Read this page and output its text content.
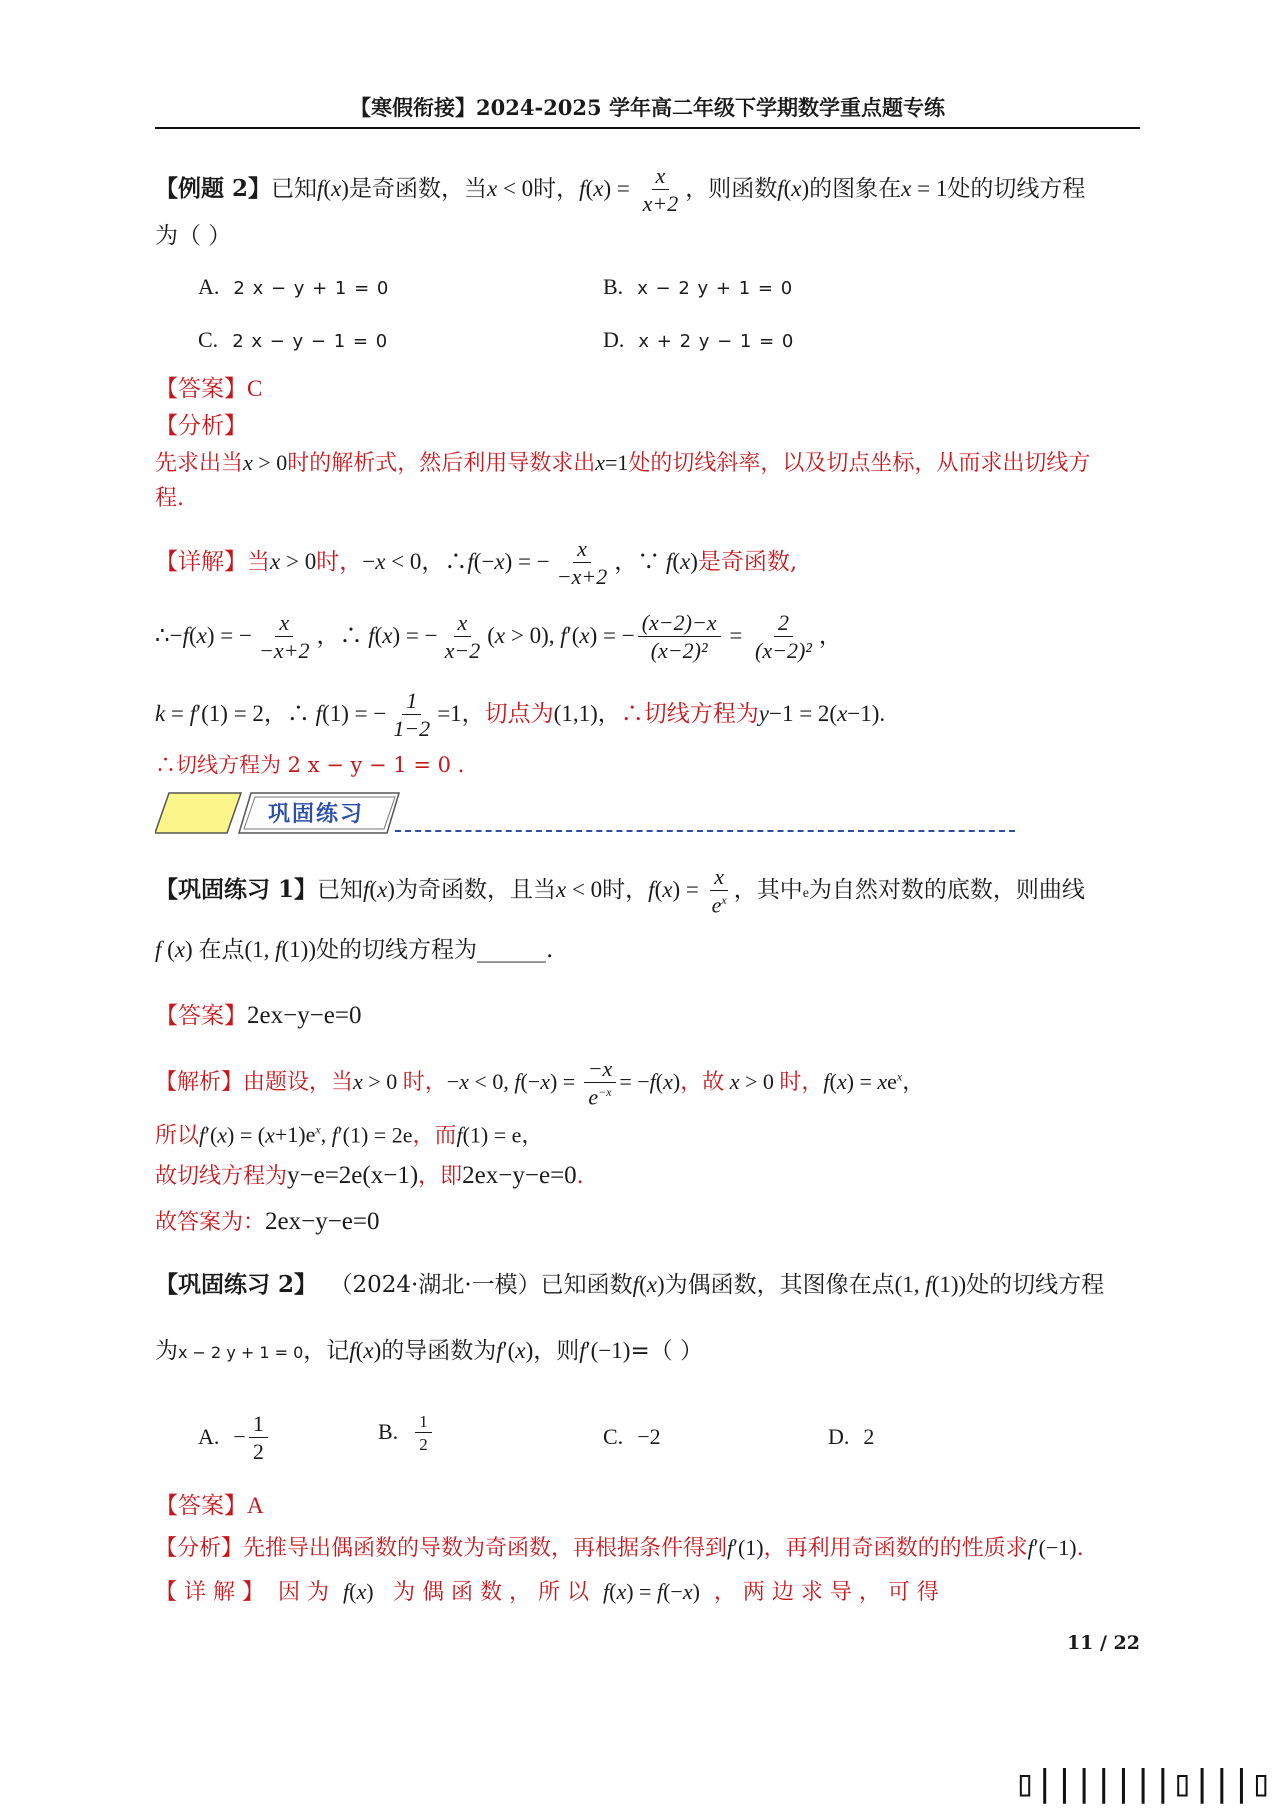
【寒假衔接】2024-2025 学年高二年级下学期数学重点题专练
【例题 2】已知f(x)是奇函数，当x < 0时，$f(x) = \frac{x}{x+2}$ ，则函数f(x)的图象在x = 1处的切线方程
为（ ）
A. 2 x − y + 1 = 0	B. x − 2 y + 1 = 0
C. 2 x − y − 1 = 0	D. x + 2 y − 1 = 0
【答案】C
【分析】
先求出当x > 0时的解析式，然后利用导数求出x=1处的切线斜率，以及切点坐标，从而求出切线方
程.
【详解】当x > 0时，−x < 0，∴f(−x) = − $\frac{x}{-x+2}$ ，∵ f(x)是奇函数,
∴−f(x) = − $\frac{x}{-x+2}$ ，∴ f(x) = − $\frac{x}{x-2} (x > 0)$, f′(x) = − $\frac{(x-2)-x}{\text{(x−2)²}} = \frac{2}{\text{(x−2)²}}$ ，
k = f′(1) = 2，∴ f(1) = − $\frac{1}{1-2} =1$，切点为(1,1)，∴切线方程为y−1 = 2(x−1).
∴切线方程为 2 x − y − 1 = 0 .
巩固练习
【巩固练习 1】已知f(x)为奇函数，且当x < 0时，$f(x) = \frac{x}{e^x}$ ，其中e为自然对数的底数，则曲线
f (x) 在点(1, f(1))处的切线方程为______.
【答案】2ex−y−e=0
【解析】由题设，当x > 0 时，−x < 0, $f(-x) = \frac{-x}{e^{-x}} = -f(x)$，故 x > 0 时，$f(x) = xe^x$，
所以$f'(x) = (x+1)e^x$, f′(1) = 2e，而f(1) = e，
故切线方程为y−e=2e(x−1)，即2ex−y−e=0.
故答案为：2ex−y−e=0
【巩固练习 2】 （2024·湖北·一模）已知函数f(x)为偶函数，其图像在点(1, f(1))处的切线方程
为x − 2 y + 1 = 0，记f(x)的导函数为f′(x)，则f′(−1)=（ ）
A. − $\frac{1}{2}$	B. $\frac{1}{2}$	C. −2	D. 2
【答案】A
【分析】先推导出偶函数的导数为奇函数，再根据条件得到f′(1)，再利用奇函数的的性质求f′(−1).
【 详 解 】 因 为 f(x) 为 偶 函 数 ， 所 以 f(x) = f(−x) ， 两 边 求 导 ， 可 得
11 / 22
▯|||||||▯|||▯
